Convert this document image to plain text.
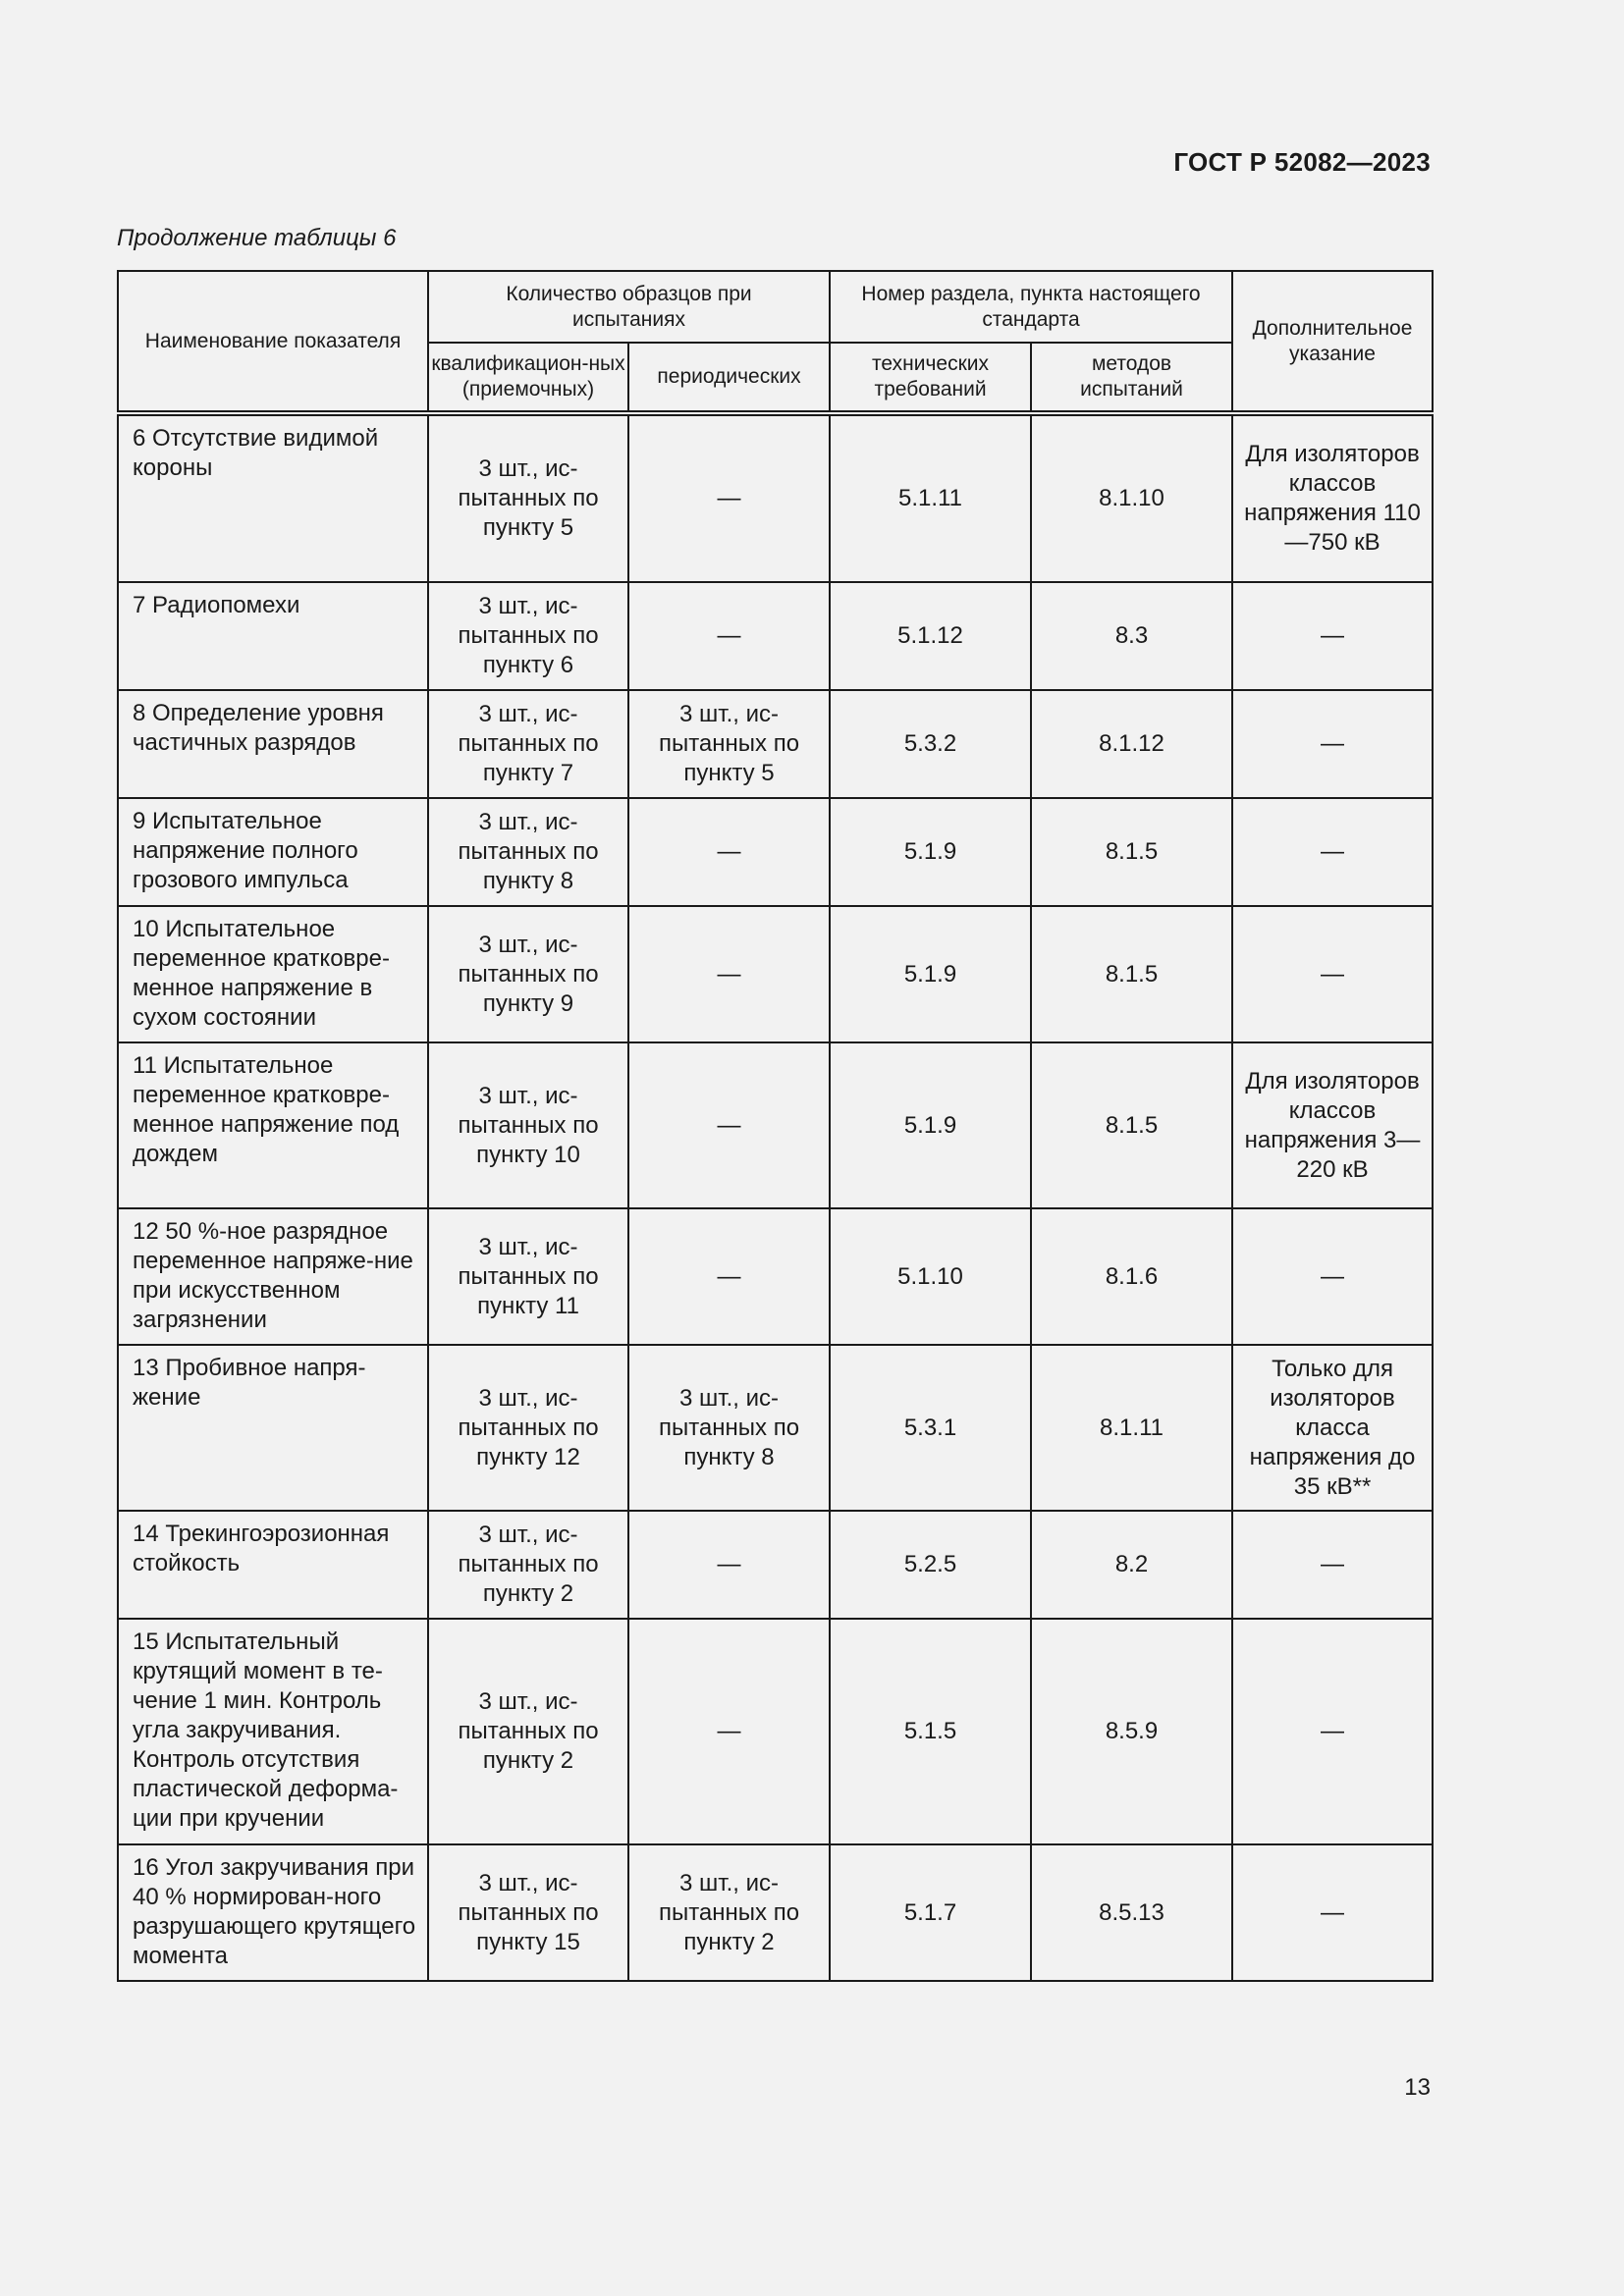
ГОСТ Р 52082—2023
Продолжение таблицы 6
Наименование показателя	Количество образцов при испытаниях		Номер раздела, пункта настоящего стандарта		Дополнительное указание
	квалификацион-ных (приемочных)	периодических	технических требований	методов испытаний	
6 Отсутствие видимой короны	3 шт., ис-пытанных по пункту 5	—	5.1.11	8.1.10	Для изоляторов классов напряжения 110—750 кВ
7 Радиопомехи	3 шт., ис-пытанных по пункту 6	—	5.1.12	8.3	—
8 Определение уровня частичных разрядов	3 шт., ис-пытанных по пункту 7	3 шт., ис-пытанных по пункту 5	5.3.2	8.1.12	—
9 Испытательное напряжение полного грозового импульса	3 шт., ис-пытанных по пункту 8	—	5.1.9	8.1.5	—
10 Испытательное переменное кратковре-менное напряжение в сухом состоянии	3 шт., ис-пытанных по пункту 9	—	5.1.9	8.1.5	—
11 Испытательное переменное кратковре-менное напряжение под дождем	3 шт., ис-пытанных по пункту 10	—	5.1.9	8.1.5	Для изоляторов классов напряжения 3—220 кВ
12 50 %-ное разрядное переменное напряже-ние при искусственном загрязнении	3 шт., ис-пытанных по пункту 11	—	5.1.10	8.1.6	—
13 Пробивное напря-жение	3 шт., ис-пытанных по пункту 12	3 шт., ис-пытанных по пункту 8	5.3.1	8.1.11	Только для изоляторов класса напряжения до 35 кВ**
14 Трекингоэрозионная стойкость	3 шт., ис-пытанных по пункту 2	—	5.2.5	8.2	—
15 Испытательный крутящий момент в те-чение 1 мин. Контроль угла закручивания. Контроль отсутствия пластической деформа-ции при кручении	3 шт., ис-пытанных по пункту 2	—	5.1.5	8.5.9	—
16 Угол закручивания при 40 % нормирован-ного разрушающего крутящего момента	3 шт., ис-пытанных по пункту 15	3 шт., ис-пытанных по пункту 2	5.1.7	8.5.13	—
13
